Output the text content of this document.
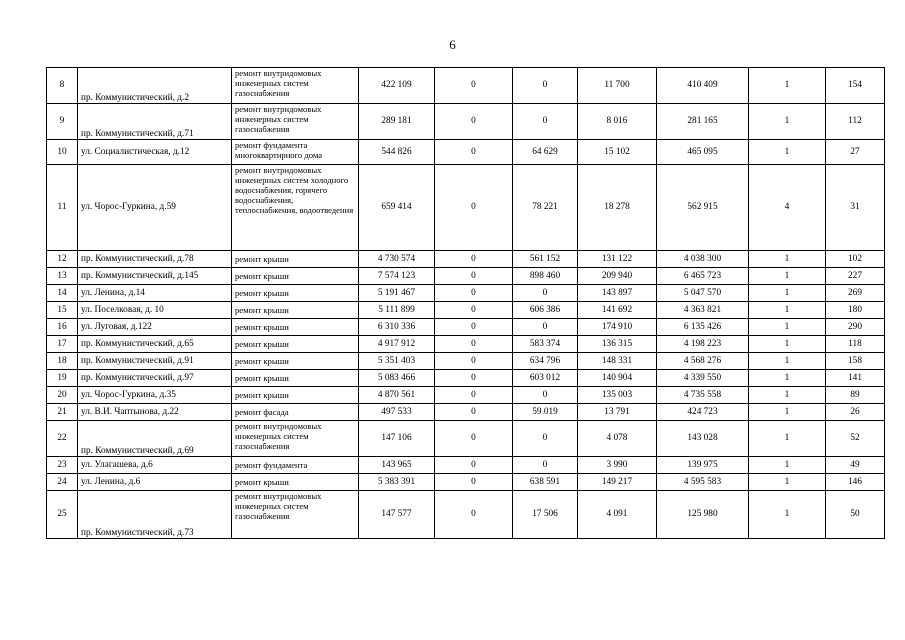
6
8	пр. Коммунистический, д.2	ремонт внутридомовых инженерных систем газоснабжения	422 109	0	0	11 700	410 409	1	154
9	пр. Коммунистический, д.71	ремонт внутридомовых инженерных систем газоснабжения	289 181	0	0	8 016	281 165	1	112
10	ул. Социалистическая, д.12	ремонт фундамента многоквартирного дома	544 826	0	64 629	15 102	465 095	1	27
11	ул. Чорос-Гуркина, д.59	ремонт внутридомовых инженерных систем холодного водоснабжения, горячего водоснабжения, теплоснабжения, водоотведения	659 414	0	78 221	18 278	562 915	4	31
12	пр. Коммунистический, д.78	ремонт крыши	4 730 574	0	561 152	131 122	4 038 300	1	102
13	пр. Коммунистический, д.145	ремонт крыши	7 574 123	0	898 460	209 940	6 465 723	1	227
14	ул. Ленина, д.14	ремонт крыши	5 191 467	0	0	143 897	5 047 570	1	269
15	ул. Поселковая, д. 10	ремонт крыши	5 111 899	0	606 386	141 692	4 363 821	1	180
16	ул. Луговая, д.122	ремонт крыши	6 310 336	0	0	174 910	6 135 426	1	290
17	пр. Коммунистический, д.65	ремонт крыши	4 917 912	0	583 374	136 315	4 198 223	1	118
18	пр. Коммунистический, д.91	ремонт крыши	5 351 403	0	634 796	148 331	4 568 276	1	158
19	пр. Коммунистический, д.97	ремонт крыши	5 083 466	0	603 012	140 904	4 339 550	1	141
20	ул. Чорос-Гуркина, д.35	ремонт крыши	4 870 561	0	0	135 003	4 735 558	1	89
21	ул. В.И. Чаптынова, д.22	ремонт фасада	497 533	0	59 019	13 791	424 723	1	26
22	пр. Коммунистический, д.69	ремонт внутридомовых инженерных систем газоснабжения	147 106	0	0	4 078	143 028	1	52
23	ул. Улагашева, д.6	ремонт фундамента	143 965	0	0	3 990	139 975	1	49
24	ул. Ленина, д.6	ремонт крыши	5 383 391	0	638 591	149 217	4 595 583	1	146
25	пр. Коммунистический, д.73	ремонт внутридомовых инженерных систем газоснабжения	147 577	0	17 506	4 091	125 980	1	50
